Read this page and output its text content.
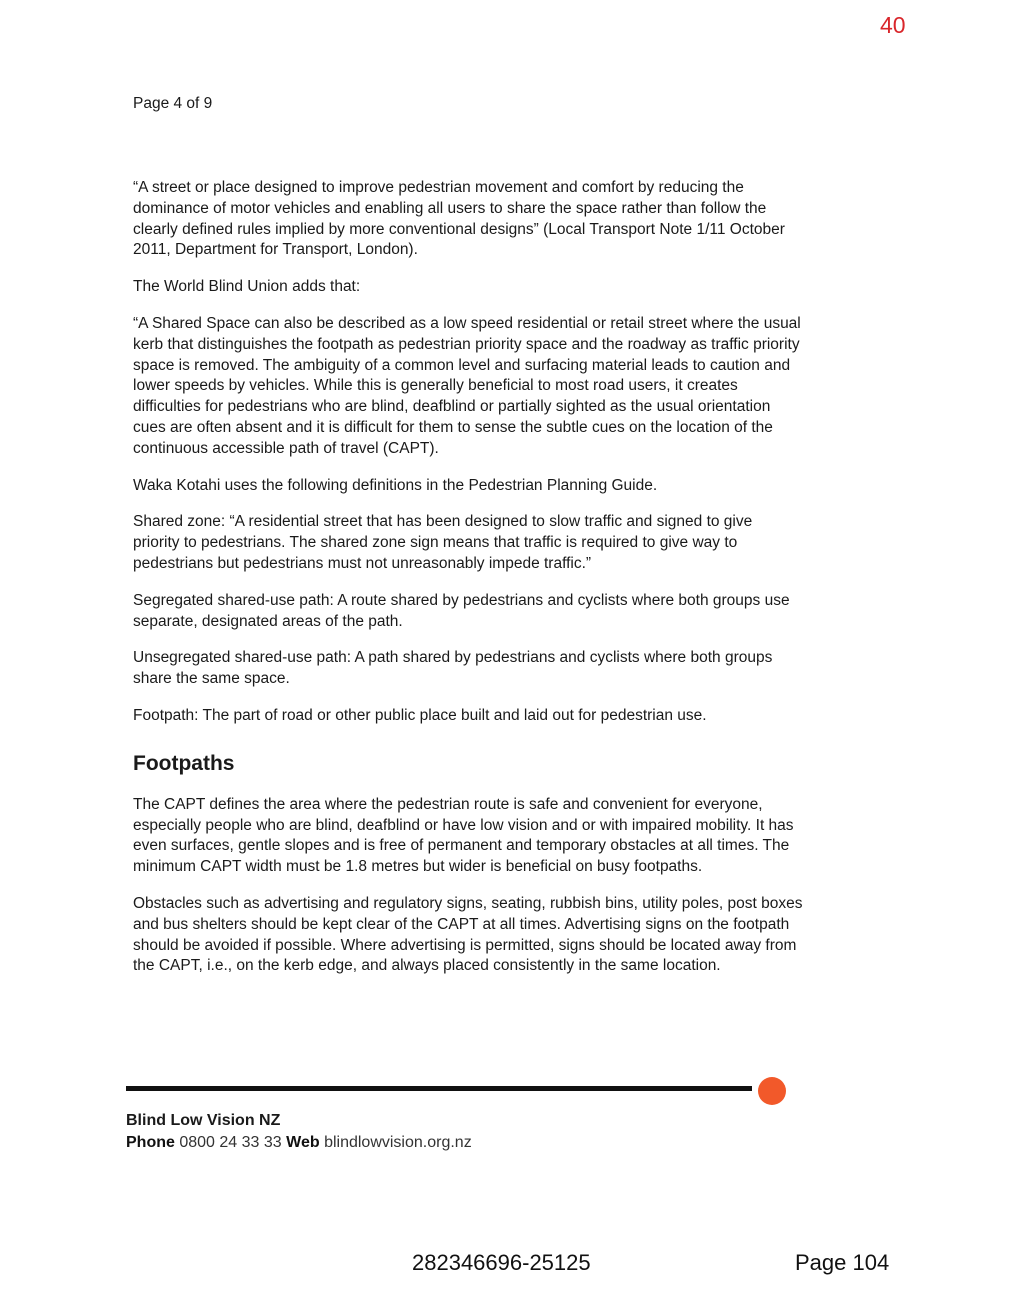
40
Page 4 of 9

“A street or place designed to improve pedestrian movement and comfort by reducing the dominance of motor vehicles and enabling all users to share the space rather than follow the clearly defined rules implied by more conventional designs” (Local Transport Note 1/11 October 2011, Department for Transport, London).

The World Blind Union adds that:

“A Shared Space can also be described as a low speed residential or retail street where the usual kerb that distinguishes the footpath as pedestrian priority space and the roadway as traffic priority space is removed. The ambiguity of a common level and surfacing material leads to caution and lower speeds by vehicles. While this is generally beneficial to most road users, it creates difficulties for pedestrians who are blind, deafblind or partially sighted as the usual orientation cues are often absent and it is difficult for them to sense the subtle cues on the location of the continuous accessible path of travel (CAPT).

Waka Kotahi uses the following definitions in the Pedestrian Planning Guide.

Shared zone: “A residential street that has been designed to slow traffic and signed to give priority to pedestrians. The shared zone sign means that traffic is required to give way to pedestrians but pedestrians must not unreasonably impede traffic.”

Segregated shared-use path: A route shared by pedestrians and cyclists where both groups use separate, designated areas of the path.

Unsegregated shared-use path: A path shared by pedestrians and cyclists where both groups share the same space.

Footpath: The part of road or other public place built and laid out for pedestrian use.

Footpaths

The CAPT defines the area where the pedestrian route is safe and convenient for everyone, especially people who are blind, deafblind or have low vision and or with impaired mobility. It has even surfaces, gentle slopes and is free of permanent and temporary obstacles at all times. The minimum CAPT width must be 1.8 metres but wider is beneficial on busy footpaths.

Obstacles such as advertising and regulatory signs, seating, rubbish bins, utility poles, post boxes and bus shelters should be kept clear of the CAPT at all times. Advertising signs on the footpath should be avoided if possible. Where advertising is permitted, signs should be located away from the CAPT, i.e., on the kerb edge, and always placed consistently in the same location.

Blind Low Vision NZ
Phone 0800 24 33 33 Web blindlowvision.org.nz
282346696-25125	Page 104
